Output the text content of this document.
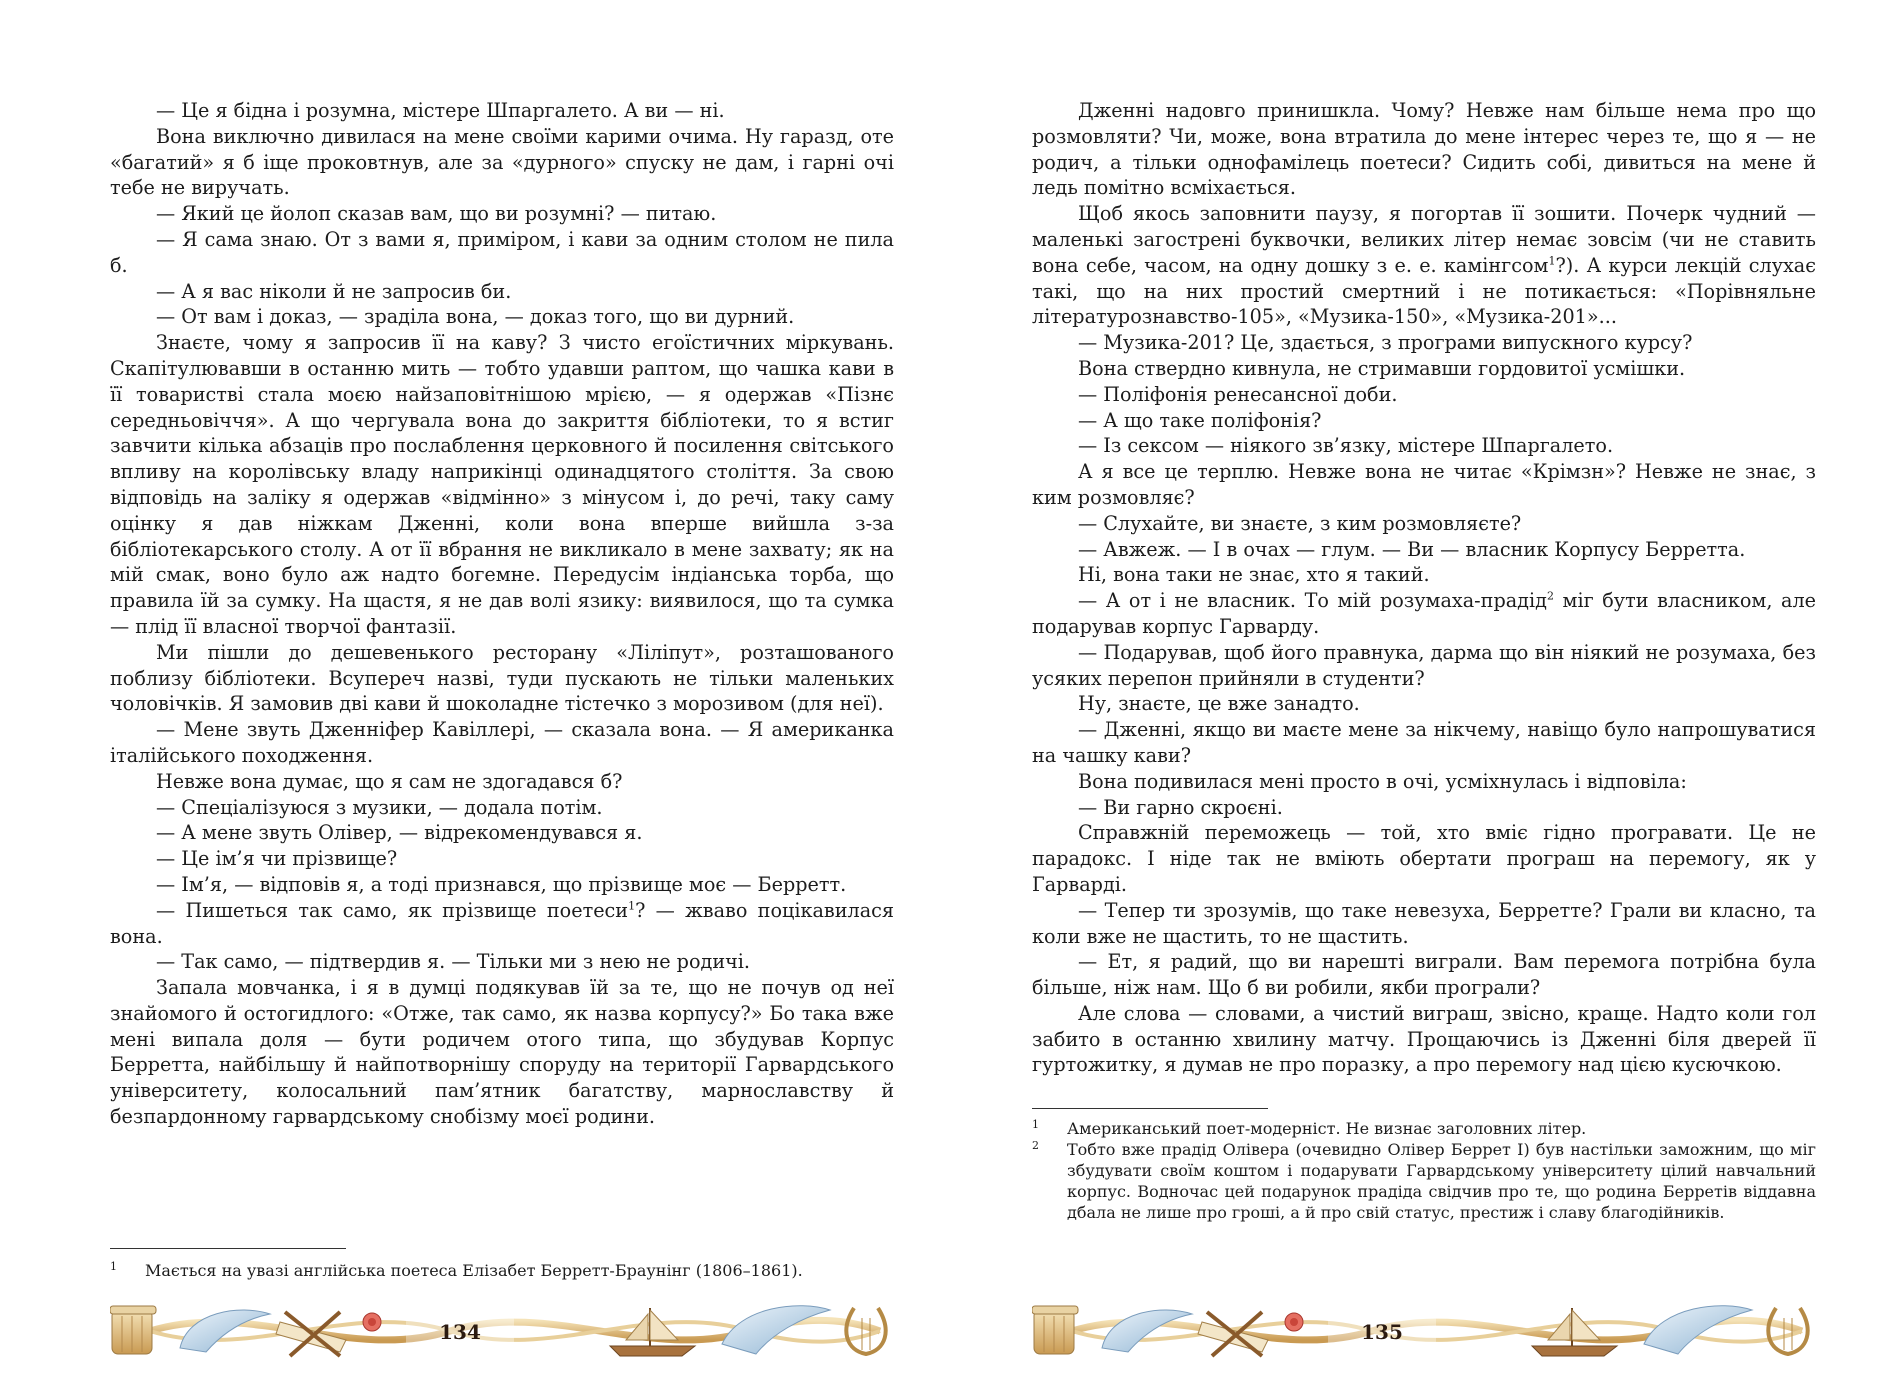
— Це я бідна і розумна, містере Шпаргалето. А ви — ні.

Вона виключно дивилася на мене своїми карими очима. Ну гаразд, оте «багатий» я б іще проковтнув, але за «дурного» спуску не дам, і гарні очі тебе не виручать.

— Який це йолоп сказав вам, що ви розумні? — питаю.

— Я сама знаю. От з вами я, приміром, і кави за одним столом не пила б.

— А я вас ніколи й не запросив би.

— От вам і доказ, — зраділа вона, — доказ того, що ви дурний.

Знаєте, чому я запросив її на каву? З чисто егоїстичних міркувань. Скапітулювавши в останню мить — тобто удавши раптом, що чашка кави в її товаристві стала моєю найзаповітнішою мрією, — я одержав «Пізнє середньовіччя». А що чергувала вона до закриття бібліотеки, то я встиг завчити кілька абзаців про послаблення церковного й посилення світського впливу на королівську владу наприкінці одинадцятого століття. За свою відповідь на заліку я одержав «відмінно» з мінусом і, до речі, таку саму оцінку я дав ніжкам Дженні, коли вона вперше вийшла з-за бібліотекарського столу. А от її вбрання не викликало в мене захвату; як на мій смак, воно було аж надто богемне. Передусім індіанська торба, що правила їй за сумку. На щастя, я не дав волі язику: виявилося, що та сумка — плід її власної творчої фантазії.

Ми пішли до дешевенького ресторану «Ліліпут», розташованого поблизу бібліотеки. Всупереч назві, туди пускають не тільки маленьких чоловічків. Я замовив дві кави й шоколадне тістечко з морозивом (для неї).

— Мене звуть Дженніфер Кавіллері, — сказала вона. — Я американка італійського походження.

Невже вона думає, що я сам не здогадався б?

— Спеціалізуюся з музики, — додала потім.

— А мене звуть Олівер, — відрекомендувався я.

— Це ім’я чи прізвище?

— Ім’я, — відповів я, а тоді признався, що прізвище моє — Берретт.

— Пишеться так само, як прізвище поетеси$^1$? — жваво поцікавилася вона.

— Так само, — підтвердив я. — Тільки ми з нею не родичі.

Запала мовчанка, і я в думці подякував їй за те, що не почув од неї знайомого й остогидлого: «Отже, так само, як назва корпусу?» Бо така вже мені випала доля — бути родичем отого типа, що збудував Корпус Берретта, найбільшу й найпотворнішу споруду на території Гарвардського університету, колосальний пам’ятник багатству, марнославству й безпардонному гарвардському снобізму моєї родини.

1 Мається на увазі англійська поетеса Елізабет Берретт-Браунінг (1806–1861).

134

Дженні надовго принишкла. Чому? Невже нам більше нема про що розмовляти? Чи, може, вона втратила до мене інтерес через те, що я — не родич, а тільки однофамілець поетеси? Сидить собі, дивиться на мене й ледь помітно всміхається.

Щоб якось заповнити паузу, я погортав її зошити. Почерк чудний — маленькі загострені буквочки, великих літер немає зовсім (чи не ставить вона себе, часом, на одну дошку з е. е. камінгсом$^1$?). А курси лекцій слухає такі, що на них простий смертний і не потикається: «Порівняльне літературознавство-105», «Музика-150», «Музика-201»...

— Музика-201? Це, здається, з програми випускного курсу?

Вона ствердно кивнула, не стримавши гордовитої усмішки.

— Поліфонія ренесансної доби.

— А що таке поліфонія?

— Із сексом — ніякого зв’язку, містере Шпаргалето.

А я все це терплю. Невже вона не читає «Крімзн»? Невже не знає, з ким розмовляє?

— Слухайте, ви знаєте, з ким розмовляєте?

— Авжеж. — І в очах — глум. — Ви — власник Корпусу Берретта.

Ні, вона таки не знає, хто я такий.

— А от і не власник. То мій розумаха-прадід$^2$ міг бути власником, але подарував корпус Гарварду.

— Подарував, щоб його правнука, дарма що він ніякий не розумаха, без усяких перепон прийняли в студенти?

Ну, знаєте, це вже занадто.

— Дженні, якщо ви маєте мене за нікчему, навіщо було напрошуватися на чашку кави?

Вона подивилася мені просто в очі, усміхнулась і відповіла:

— Ви гарно скроєні.

Справжній переможець — той, хто вміє гідно програвати. Це не парадокс. І ніде так не вміють обертати програш на перемогу, як у Гарварді.

— Тепер ти зрозумів, що таке невезуха, Берретте? Грали ви класно, та коли вже не щастить, то не щастить.

— Ет, я радий, що ви нарешті виграли. Вам перемога потрібна була більше, ніж нам. Що б ви робили, якби програли?

Але слова — словами, а чистий виграш, звісно, краще. Надто коли гол забито в останню хвилину матчу. Прощаючись із Дженні біля дверей її гуртожитку, я думав не про поразку, а про перемогу над цією кусючкою.

1 Американський поет-модерніст. Не визнає заголовних літер.

2 Тобто вже прадід Олівера (очевидно Олівер Беррет I) був настільки заможним, що міг збудувати своїм коштом і подарувати Гарвардському університету цілий навчальний корпус. Водночас цей подарунок прадіда свідчив про те, що родина Берретів віддавна дбала не лише про гроші, а й про свій статус, престиж і славу благодійників.

135
